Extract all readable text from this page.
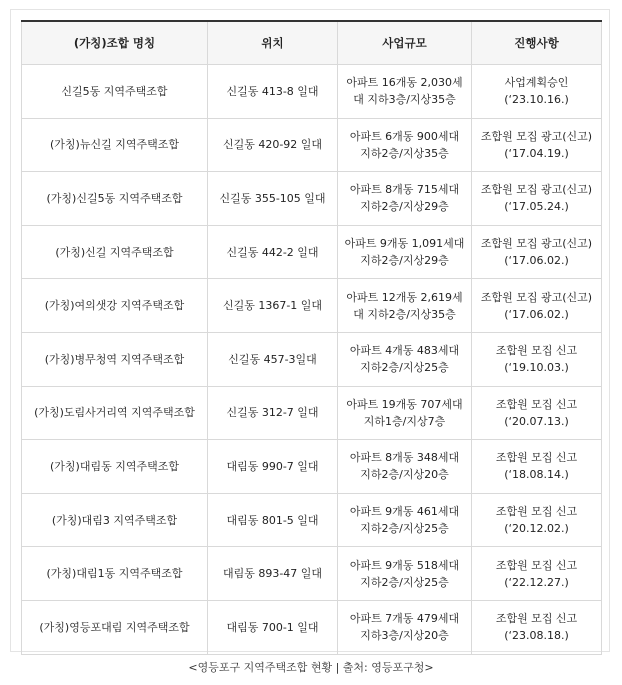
(가칭)조합 명칭	위치	사업규모	진행사항

신길5동 지역주택조합	신길동 413-8 일대	아파트 16개동 2,030세
대 지하3층/지상35층	사업계획승인
(‘23.10.16.)

(가칭)뉴신길 지역주택조합	신길동 420-92 일대	아파트 6개동 900세대
지하2층/지상35층	조합원 모집 광고(신고)
(‘17.04.19.)

(가칭)신길5동 지역주택조합	신길동 355-105 일대	아파트 8개동 715세대
지하2층/지상29층	조합원 모집 광고(신고)
(‘17.05.24.)

(가칭)신길 지역주택조합	신길동 442-2 일대	아파트 9개동 1,091세대
지하2층/지상29층	조합원 모집 광고(신고)
(‘17.06.02.)

(가칭)여의샛강 지역주택조합	신길동 1367-1 일대	아파트 12개동 2,619세
대 지하2층/지상35층	조합원 모집 광고(신고)
(‘17.06.02.)

(가칭)병무청역 지역주택조합	신길동 457-3일대	아파트 4개동 483세대
지하2층/지상25층	조합원 모집 신고
(‘19.10.03.)

(가칭)도림사거리역 지역주택조합	신길동 312-7 일대	아파트 19개동 707세대
지하1층/지상7층	조합원 모집 신고
(‘20.07.13.)

(가칭)대림동 지역주택조합	대림동 990-7 일대	아파트 8개동 348세대
지하2층/지상20층	조합원 모집 신고
(‘18.08.14.)

(가칭)대림3 지역주택조합	대림동 801-5 일대	아파트 9개동 461세대
지하2층/지상25층	조합원 모집 신고
(‘20.12.02.)

(가칭)대림1동 지역주택조합	대림동 893-47 일대	아파트 9개동 518세대
지하2층/지상25층	조합원 모집 신고
(‘22.12.27.)

(가칭)영등포대림 지역주택조합	대림동 700-1 일대	아파트 7개동 479세대
지하3층/지상20층	조합원 모집 신고
(‘23.08.18.)
<영등포구 지역주택조합 현황 | 출처: 영등포구청>
